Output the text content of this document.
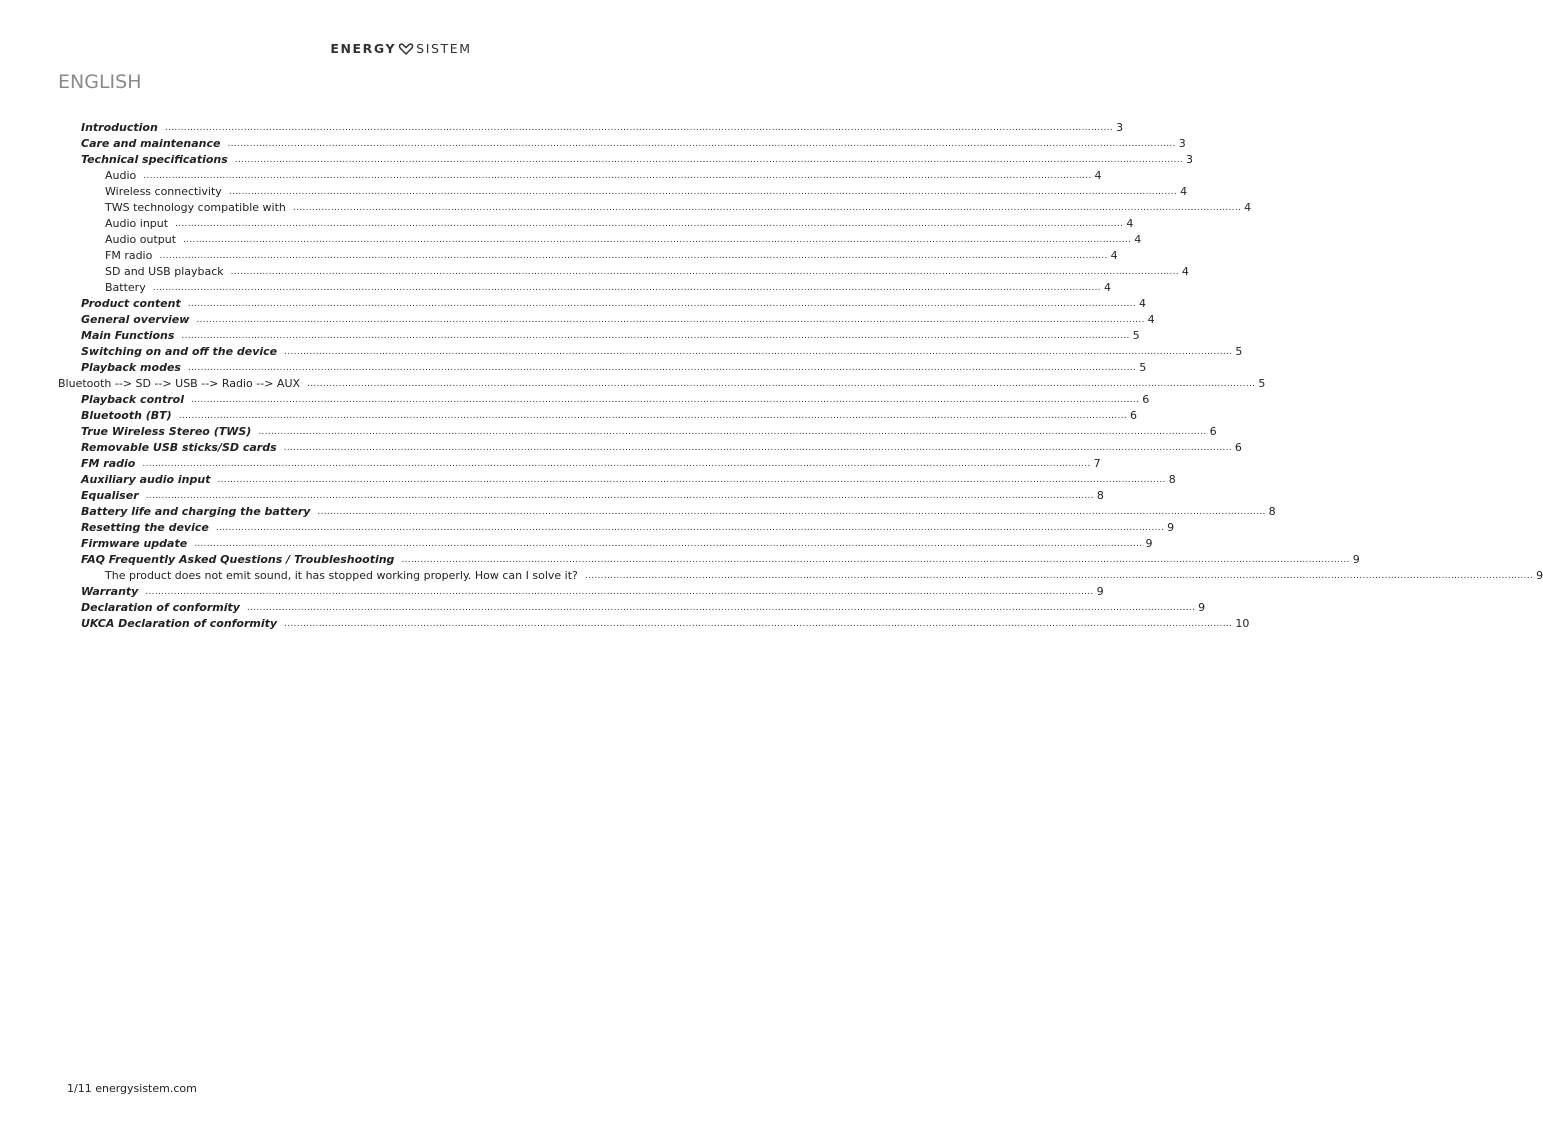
ENERGY SISTEM
ENGLISH
Introduction ............................................................................................................................................................................................................................................................................................................ 3
Care and maintenance ............................................................................................................................................................................................................................................................................................................ 3
Technical specifications ............................................................................................................................................................................................................................................................................................................ 3
Audio ............................................................................................................................................................................................................................................................................................................ 4
Wireless connectivity ............................................................................................................................................................................................................................................................................................................ 4
TWS technology compatible with ............................................................................................................................................................................................................................................................................................................ 4
Audio input ............................................................................................................................................................................................................................................................................................................ 4
Audio output ............................................................................................................................................................................................................................................................................................................ 4
FM radio ............................................................................................................................................................................................................................................................................................................ 4
SD and USB playback ............................................................................................................................................................................................................................................................................................................ 4
Battery ............................................................................................................................................................................................................................................................................................................ 4
Product content ............................................................................................................................................................................................................................................................................................................ 4
General overview ............................................................................................................................................................................................................................................................................................................ 4
Main Functions ............................................................................................................................................................................................................................................................................................................ 5
Switching on and off the device ............................................................................................................................................................................................................................................................................................................ 5
Playback modes ............................................................................................................................................................................................................................................................................................................ 5
Bluetooth --> SD --> USB --> Radio --> AUX ............................................................................................................................................................................................................................................................................................................ 5
Playback control ............................................................................................................................................................................................................................................................................................................ 6
Bluetooth (BT) ............................................................................................................................................................................................................................................................................................................ 6
True Wireless Stereo (TWS) ............................................................................................................................................................................................................................................................................................................ 6
Removable USB sticks/SD cards ............................................................................................................................................................................................................................................................................................................ 6
FM radio ............................................................................................................................................................................................................................................................................................................ 7
Auxiliary audio input ............................................................................................................................................................................................................................................................................................................ 8
Equaliser ............................................................................................................................................................................................................................................................................................................ 8
Battery life and charging the battery ............................................................................................................................................................................................................................................................................................................ 8
Resetting the device ............................................................................................................................................................................................................................................................................................................ 9
Firmware update ............................................................................................................................................................................................................................................................................................................ 9
FAQ Frequently Asked Questions / Troubleshooting ............................................................................................................................................................................................................................................................................................................ 9
The product does not emit sound, it has stopped working properly. How can I solve it? ............................................................................................................................................................................................................................................................................................................ 9
Warranty ............................................................................................................................................................................................................................................................................................................ 9
Declaration of conformity ............................................................................................................................................................................................................................................................................................................ 9
UKCA Declaration of conformity ............................................................................................................................................................................................................................................................................................................ 10
1/11 energysistem.com
